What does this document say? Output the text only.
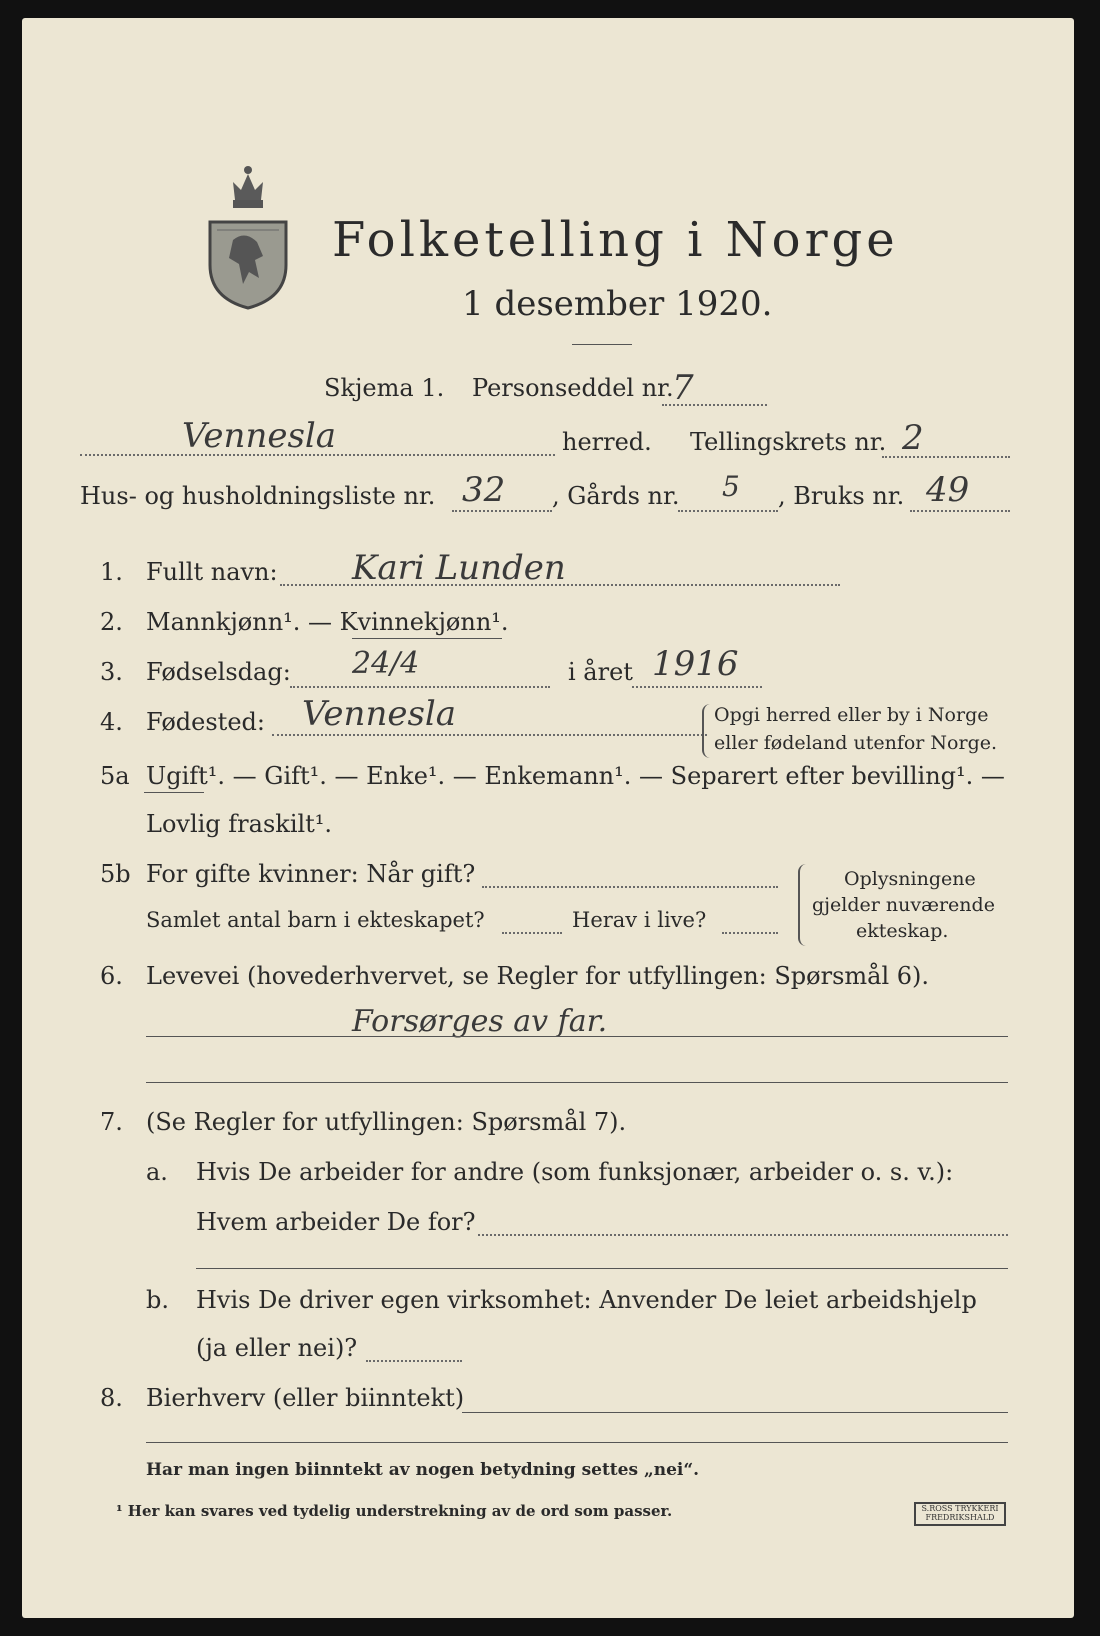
Folketelling i Norge
1 desember 1920.
Skjema 1. Personseddel nr.
7
Vennesla	herred. Tellingskrets nr. 2
Hus- og husholdningsliste nr. 32 , Gårds nr. 5 , Bruks nr. 49
1. Fullt navn: Kari Lunden
2. Mannkjønn¹. — Kvinnekjønn¹.
3. Fødselsdag: 24/4	i året 1916
4. Fødested: Vennesla	Opgi herred eller by i Norge
eller fødeland utenfor Norge.
5a Ugift¹. — Gift¹. — Enke¹. — Enkemann¹. — Separert efter bevilling¹. —
Lovlig fraskilt¹.
5b For gifte kvinner: Når gift?
Samlet antal barn i ekteskapet?	Herav i live?
Oplysningene
gjelder nuværende
ekteskap.
6. Levevei (hovederhvervet, se Regler for utfyllingen: Spørsmål 6).
Forsørges av far.
7. (Se Regler for utfyllingen: Spørsmål 7).
a. Hvis De arbeider for andre (som funksjonær, arbeider o. s. v.):
Hvem arbeider De for?
b. Hvis De driver egen virksomhet: Anvender De leiet arbeidshjelp
(ja eller nei)?
8. Bierhverv (eller biinntekt)
Har man ingen biinntekt av nogen betydning settes „nei“.
¹ Her kan svares ved tydelig understrekning av de ord som passer.	S.ROSS TRYKKERI
FREDRIKSHALD
